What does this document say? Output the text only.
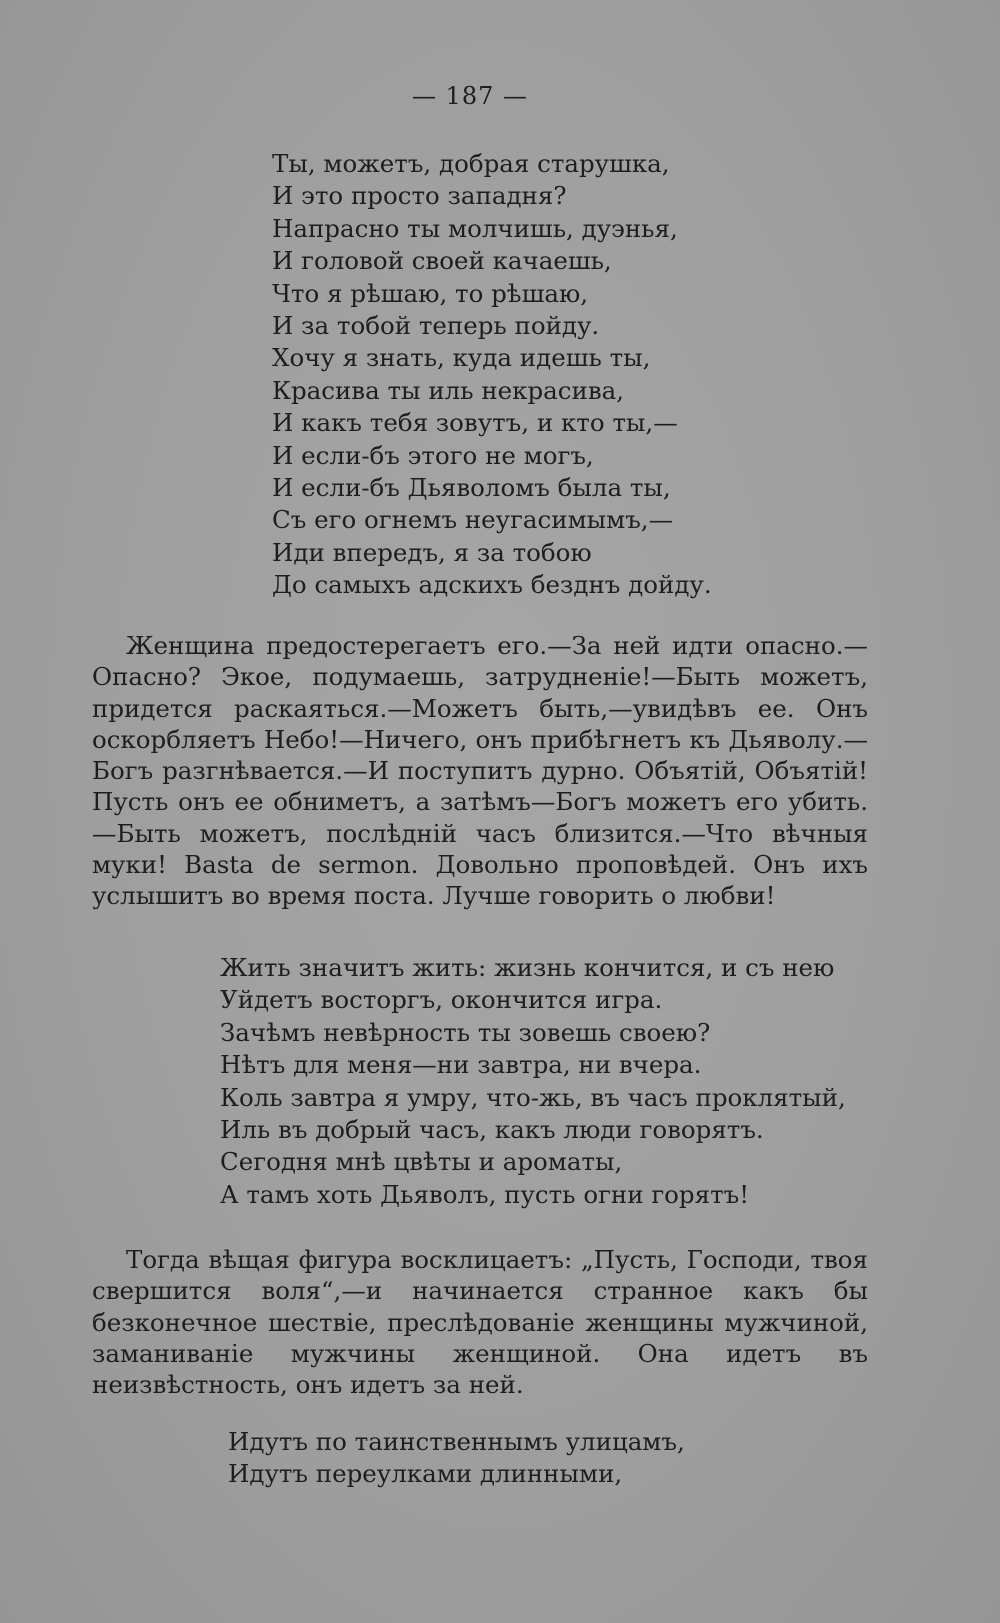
— 187 —
Ты, можетъ, добрая старушка,
И это просто западня?
Напрасно ты молчишь, дуэнья,
И головой своей качаешь,
Что я рѣшаю, то рѣшаю,
И за тобой теперь пойду.
Хочу я знать, куда идешь ты,
Красива ты иль некрасива,
И какъ тебя зовутъ, и кто ты,—
И если-бъ этого не могъ,
И если-бъ Дьяволомъ была ты,
Съ его огнемъ неугасимымъ,—
Иди впередъ, я за тобою
До самыхъ адскихъ безднъ дойду.

Женщина предостерегаетъ его.—За ней идти опасно.—Опасно? Экое, подумаешь, затрудненіе!—Быть можетъ, придется раскаяться.—Можетъ быть,—увидѣвъ ее. Онъ оскорбляетъ Небо!—Ничего, онъ прибѣгнетъ къ Дьяволу.—Богъ разгнѣвается.—И поступитъ дурно. Объятій, Объятій! Пусть онъ ее обниметъ, а затѣмъ—Богъ можетъ его убить.—Быть можетъ, послѣдній часъ близится.—Что вѣчныя муки! Basta de sermon. Довольно проповѣдей. Онъ ихъ услышитъ во время поста. Лучше говорить о любви!

Жить значитъ жить: жизнь кончится, и съ нею
Уйдетъ восторгъ, окончится игра.
Зачѣмъ невѣрность ты зовешь своею?
Нѣтъ для меня—ни завтра, ни вчера.
Коль завтра я умру, что-жь, въ часъ проклятый,
Иль въ добрый часъ, какъ люди говорятъ.
Сегодня мнѣ цвѣты и ароматы,
А тамъ хоть Дьяволъ, пусть огни горятъ!

Тогда вѣщая фигура восклицаетъ: „Пусть, Господи, твоя свершится воля“,—и начинается странное какъ бы безконечное шествіе, преслѣдованіе женщины мужчиной, заманиваніе мужчины женщиной. Она идетъ въ неизвѣстность, онъ идетъ за ней.

Идутъ по таинственнымъ улицамъ,
Идутъ переулками длинными,
